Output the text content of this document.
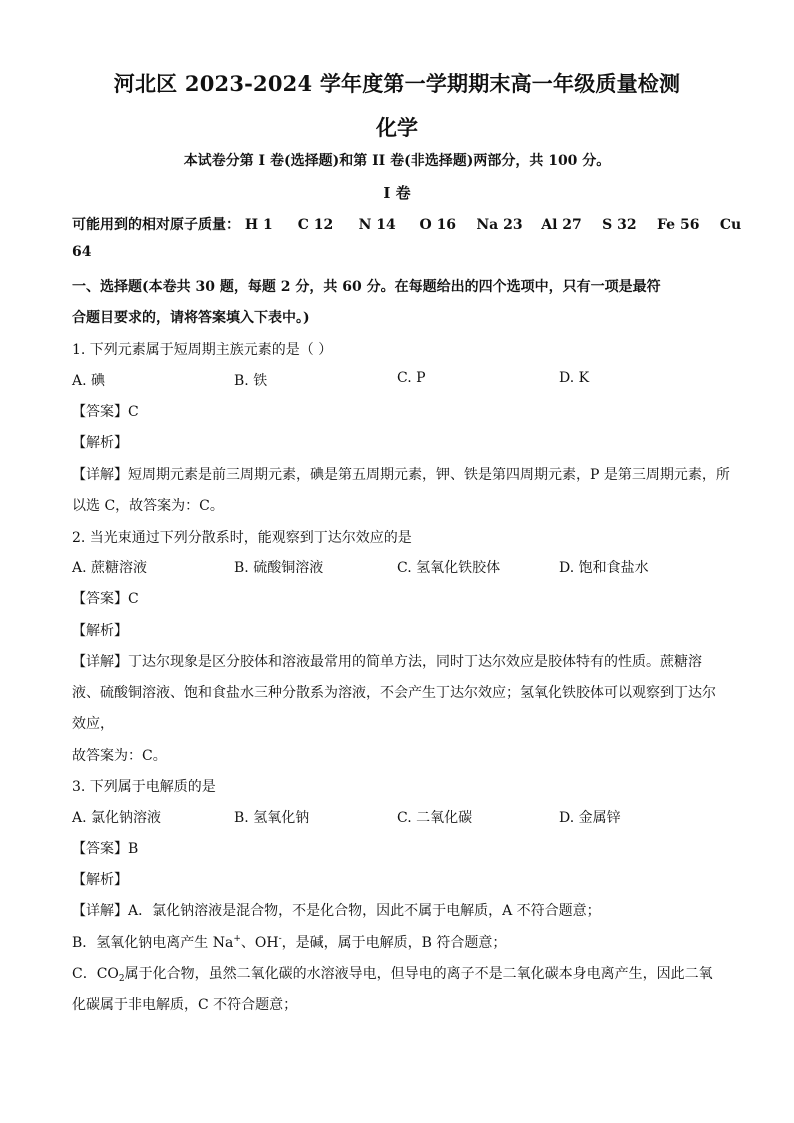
河北区 2023-2024 学年度第一学期期末高一年级质量检测
化学
本试卷分第 I 卷(选择题)和第 II 卷(非选择题)两部分，共 100 分。
I 卷
可能用到的相对原子质量： H 1 C 12 N 14 O 16 Na 23 Al 27 S 32 Fe 56 Cu
64
一、选择题(本卷共 30 题，每题 2 分，共 60 分。在每题给出的四个选项中，只有一项是最符
合题目要求的，请将答案填入下表中。)
1. 下列元素属于短周期主族元素的是（ ）
A. 碘	B. 铁	C. P	D. K
【答案】C
【解析】
【详解】短周期元素是前三周期元素，碘是第五周期元素，钾、铁是第四周期元素，P 是第三周期元素，所
以选 C，故答案为：C。
2. 当光束通过下列分散系时，能观察到丁达尔效应的是
A. 蔗糖溶液	B. 硫酸铜溶液	C. 氢氧化铁胶体	D. 饱和食盐水
【答案】C
【解析】
【详解】丁达尔现象是区分胶体和溶液最常用的简单方法，同时丁达尔效应是胶体特有的性质。蔗糖溶
液、硫酸铜溶液、饱和食盐水三种分散系为溶液，不会产生丁达尔效应；氢氧化铁胶体可以观察到丁达尔
效应，
故答案为：C。
3. 下列属于电解质的是
A. 氯化钠溶液	B. 氢氧化钠	C. 二氧化碳	D. 金属锌
【答案】B
【解析】
【详解】A．氯化钠溶液是混合物，不是化合物，因此不属于电解质，A 不符合题意；
B．氢氧化钠电离产生 Na+、OH-，是碱，属于电解质，B 符合题意；
C．$CO_2$属于化合物，虽然二氧化碳的水溶液导电，但导电的离子不是二氧化碳本身电离产生，因此二氧
化碳属于非电解质，C 不符合题意；
